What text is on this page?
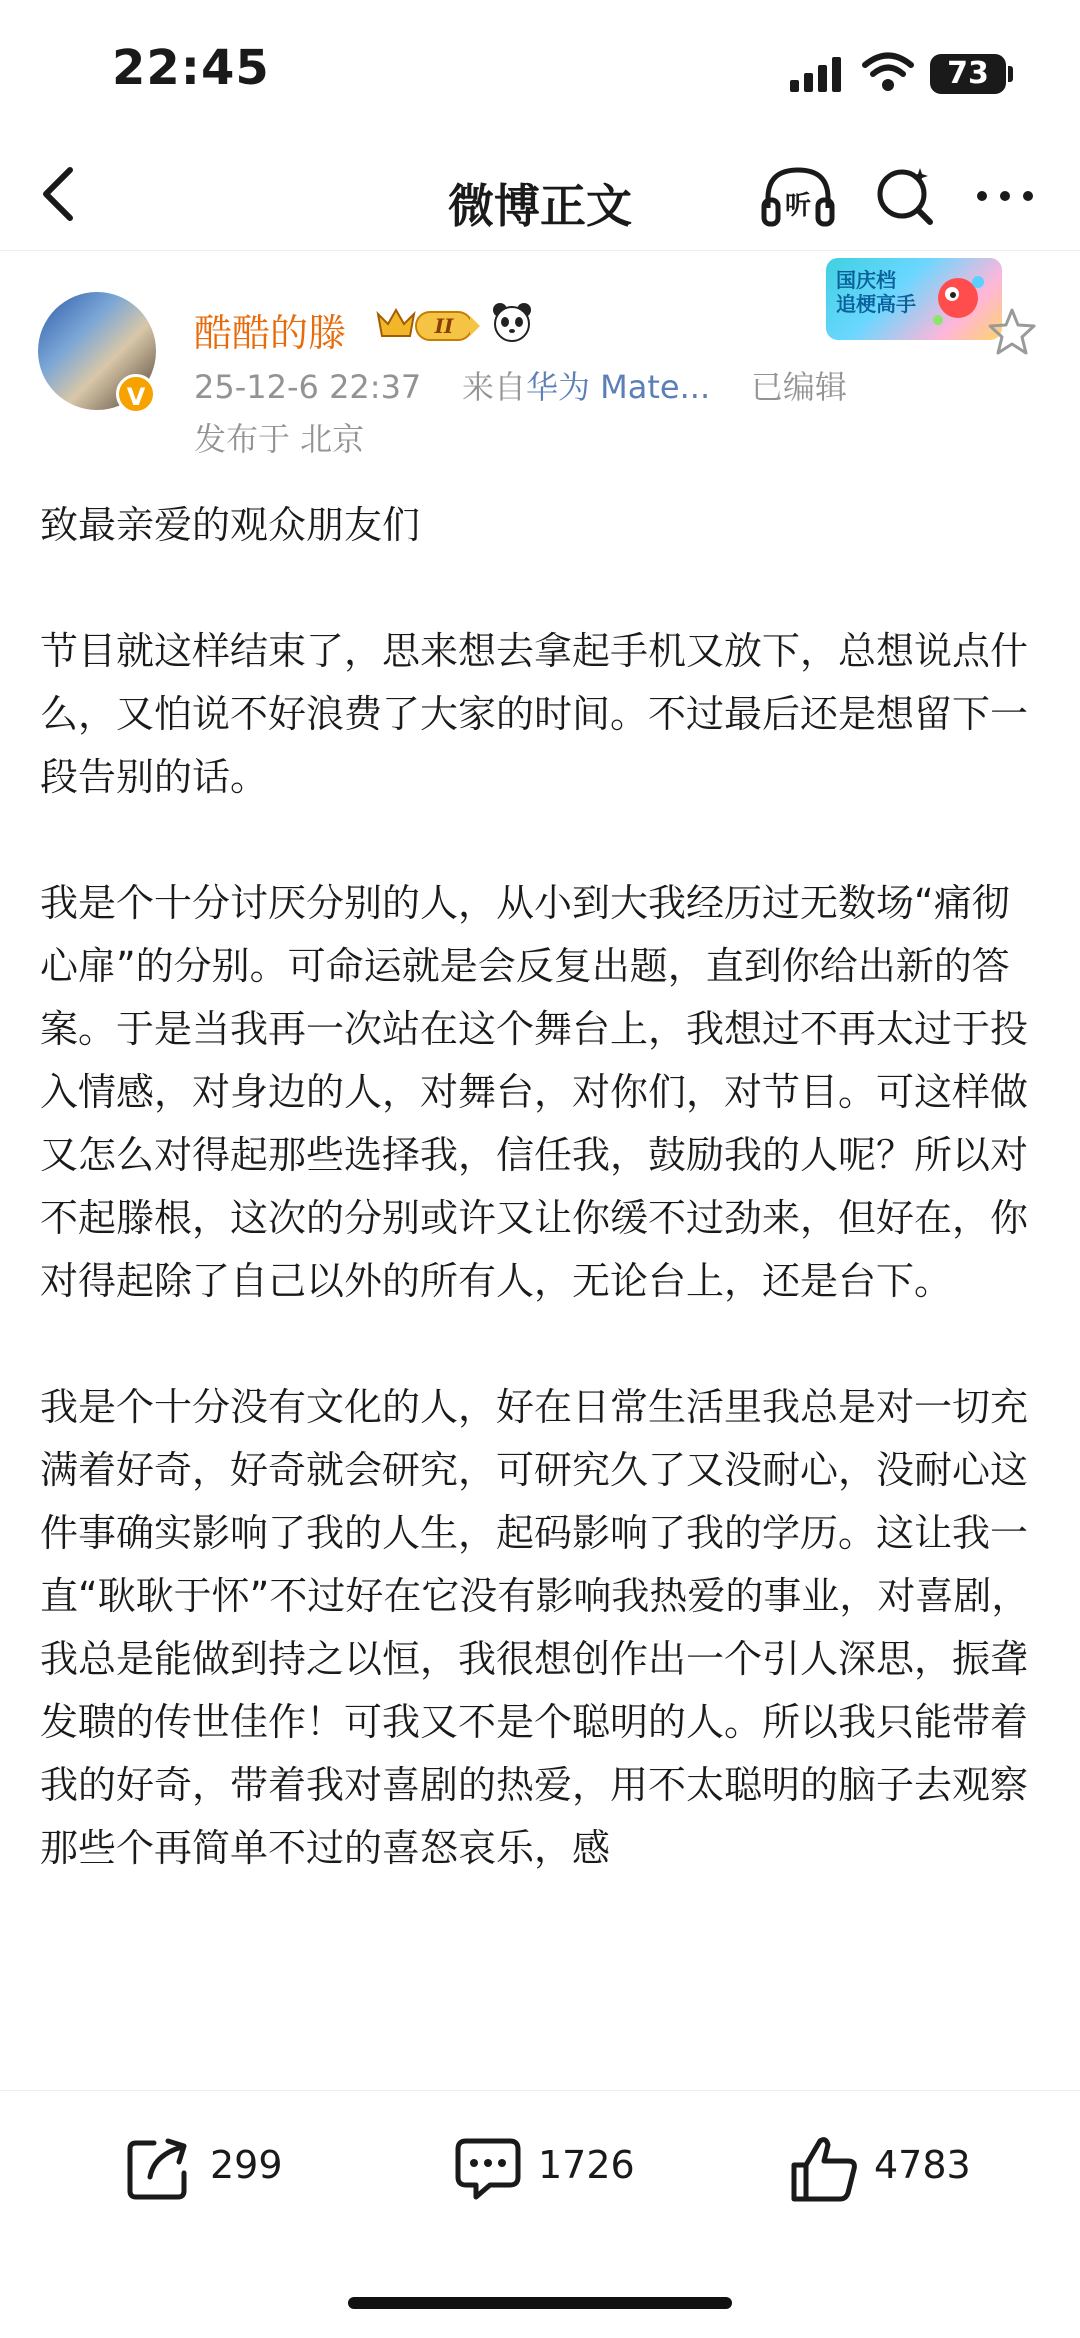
22:45	73
微博正文	听
V
酷酷的滕	II
25-12-6 22:37 来自华为 Mate... 已编辑
发布于 北京
国庆档
追梗高手

致最亲爱的观众朋友们

节目就这样结束了，思来想去拿起手机又放下，总想说点什么，又怕说不好浪费了大家的时间。不过最后还是想留下一段告别的话。

我是个十分讨厌分别的人，从小到大我经历过无数场“痛彻心扉”的分别。可命运就是会反复出题，直到你给出新的答案。于是当我再一次站在这个舞台上，我想过不再太过于投入情感，对身边的人，对舞台，对你们，对节目。可这样做又怎么对得起那些选择我，信任我，鼓励我的人呢？所以对不起滕根，这次的分别或许又让你缓不过劲来，但好在，你对得起除了自己以外的所有人，无论台上，还是台下。

我是个十分没有文化的人，好在日常生活里我总是对一切充满着好奇，好奇就会研究，可研究久了又没耐心，没耐心这件事确实影响了我的人生，起码影响了我的学历。这让我一直“耿耿于怀”不过好在它没有影响我热爱的事业，对喜剧，我总是能做到持之以恒，我很想创作出一个引人深思，振聋发聩的传世佳作！可我又不是个聪明的人。所以我只能带着我的好奇，带着我对喜剧的热爱，用不太聪明的脑子去观察那些个再简单不过的喜怒哀乐，感

299	1726	4783
